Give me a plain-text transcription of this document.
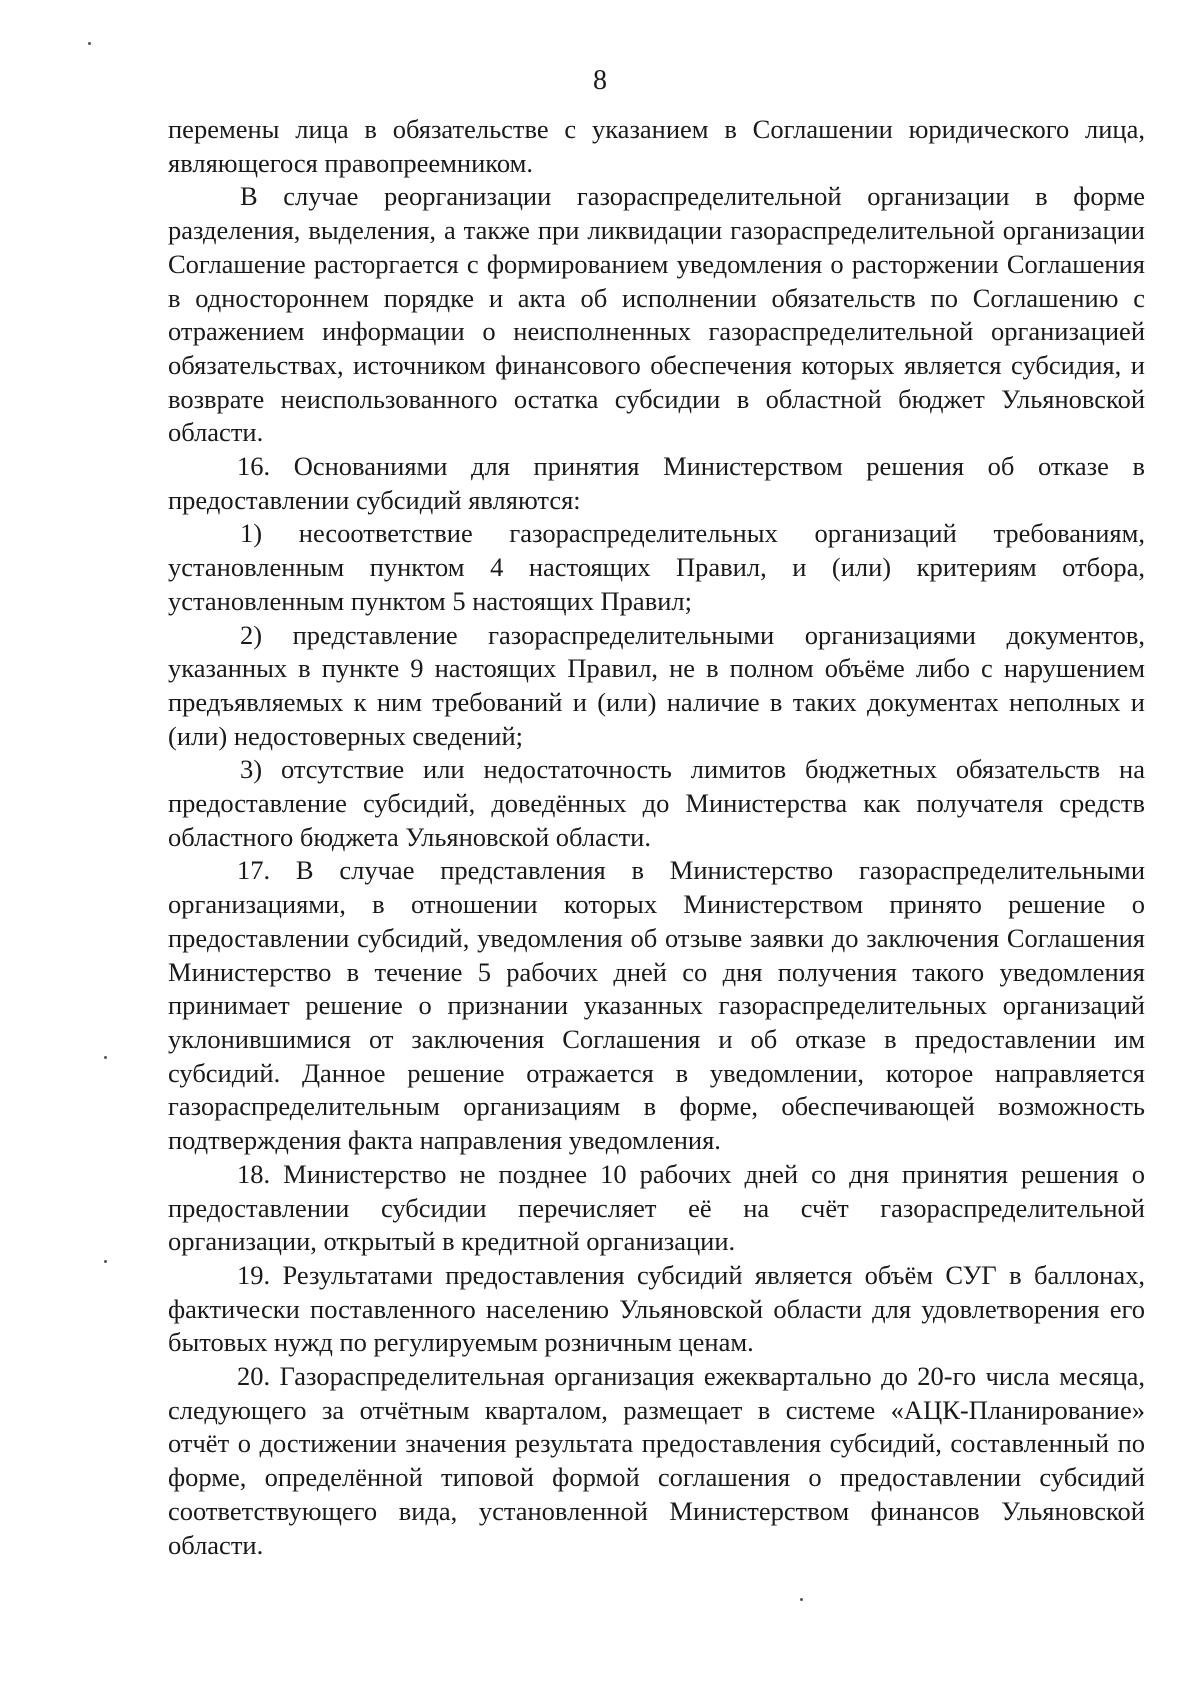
8

перемены лица в обязательстве с указанием в Соглашении юридического лица, являющегося правопреемником.

В случае реорганизации газораспределительной организации в форме разделения, выделения, а также при ликвидации газораспределительной организации Соглашение расторгается с формированием уведомления о расторжении Соглашения в одностороннем порядке и акта об исполнении обязательств по Соглашению с отражением информации о неисполненных газораспределительной организацией обязательствах, источником финансового обеспечения которых является субсидия, и возврате неиспользованного остатка субсидии в областной бюджет Ульяновской области.

16. Основаниями для принятия Министерством решения об отказе в предоставлении субсидий являются:

1) несоответствие газораспределительных организаций требованиям, установленным пунктом 4 настоящих Правил, и (или) критериям отбора, установленным пунктом 5 настоящих Правил;

2) представление газораспределительными организациями документов, указанных в пункте 9 настоящих Правил, не в полном объёме либо с нарушением предъявляемых к ним требований и (или) наличие в таких документах неполных и (или) недостоверных сведений;

3) отсутствие или недостаточность лимитов бюджетных обязательств на предоставление субсидий, доведённых до Министерства как получателя средств областного бюджета Ульяновской области.

17. В случае представления в Министерство газораспределительными организациями, в отношении которых Министерством принято решение о предоставлении субсидий, уведомления об отзыве заявки до заключения Соглашения Министерство в течение 5 рабочих дней со дня получения такого уведомления принимает решение о признании указанных газораспределительных организаций уклонившимися от заключения Соглашения и об отказе в предоставлении им субсидий. Данное решение отражается в уведомлении, которое направляется газораспределительным организациям в форме, обеспечивающей возможность подтверждения факта направления уведомления.

18. Министерство не позднее 10 рабочих дней со дня принятия решения о предоставлении субсидии перечисляет её на счёт газораспределительной организации, открытый в кредитной организации.

19. Результатами предоставления субсидий является объём СУГ в баллонах, фактически поставленного населению Ульяновской области для удовлетворения его бытовых нужд по регулируемым розничным ценам.

20. Газораспределительная организация ежеквартально до 20-го числа месяца, следующего за отчётным кварталом, размещает в системе «АЦК-Планирование» отчёт о достижении значения результата предоставления субсидий, составленный по форме, определённой типовой формой соглашения о предоставлении субсидий соответствующего вида, установленной Министерством финансов Ульяновской области.
